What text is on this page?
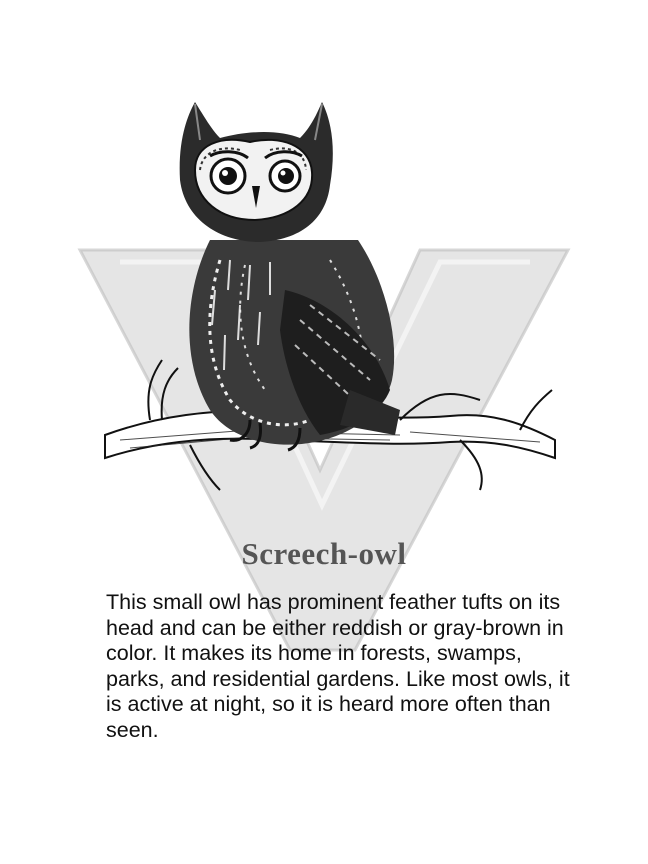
Screech-owl

This small owl has prominent feather tufts on its head and can be either reddish or gray-brown in color. It makes its home in forests, swamps, parks, and residential gardens. Like most owls, it is active at night, so it is heard more often than seen.
